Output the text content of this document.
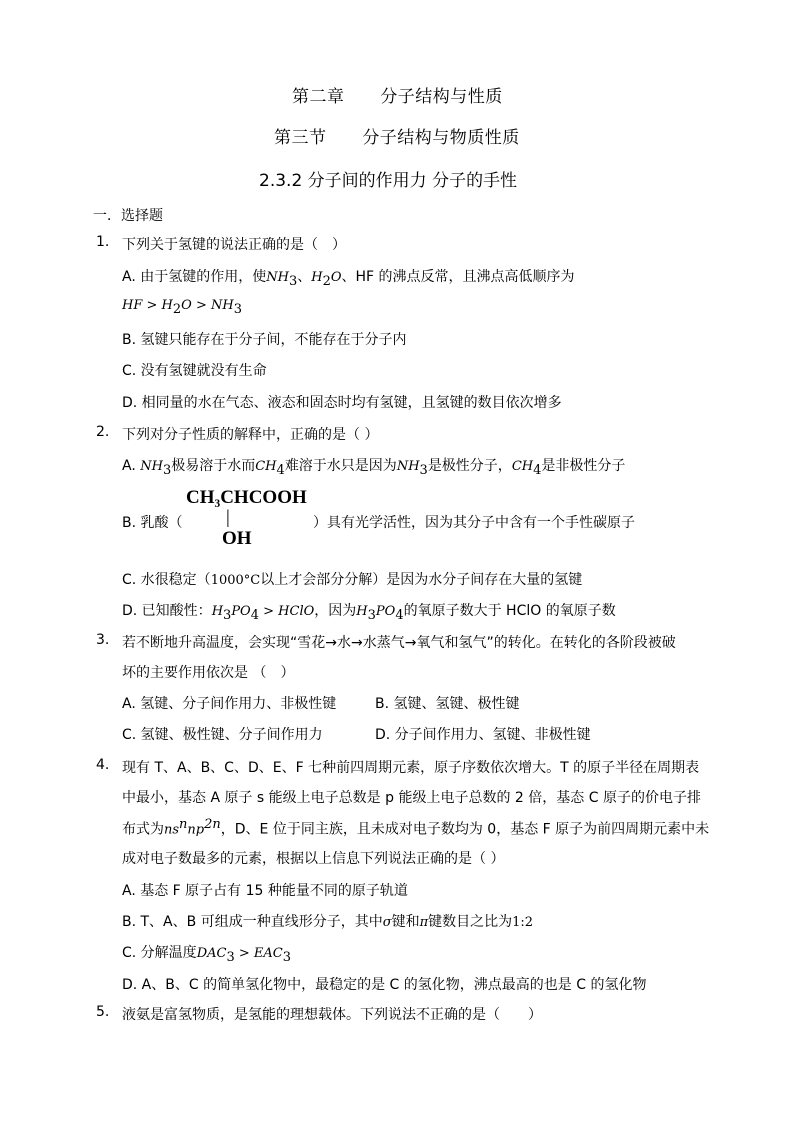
第二章 分子结构与性质
第三节 分子结构与物质性质
2.3.2 分子间的作用力 分子的手性
一．选择题
1. 下列关于氢键的说法正确的是（　）
A. 由于氢键的作用，使$NH_3$、$H_2O$、HF 的沸点反常，且沸点高低顺序为
HF > $H_2O > NH_3$
B. 氢键只能存在于分子间，不能存在于分子内
C. 没有氢键就没有生命
D. 相同量的水在气态、液态和固态时均有氢键，且氢键的数目依次增多
2. 下列对分子性质的解释中，正确的是（ ）
A. $NH_3$极易溶于水而$CH_4$难溶于水只是因为$NH_3$是极性分子，$CH_4$是非极性分子
B. 乳酸（
CH₃CHCOOH
|
OH
）具有光学活性，因为其分子中含有一个手性碳原子
C. 水很稳定（1000°C以上才会部分分解）是因为水分子间存在大量的氢键
D. 已知酸性：$H_3PO_4$ > HClO，因为$H_3PO_4$的氧原子数大于 HClO 的氧原子数
3. 若不断地升高温度，会实现“雪花→水→水蒸气→氧气和氢气”的转化。在转化的各阶段被破
坏的主要作用依次是 （　）
A. 氢键、分子间作用力、非极性键	B. 氢键、氢键、极性键
C. 氢键、极性键、分子间作用力	D. 分子间作用力、氢键、非极性键
4. 现有 T、A、B、C、D、E、F 七种前四周期元素，原子序数依次增大。T 的原子半径在周期表
中最小，基态 A 原子 s 能级上电子总数是 p 能级上电子总数的 2 倍，基态 C 原子的价电子排
布式为$ns^nnp^{2n}$，D、E 位于同主族，且未成对电子数均为 0，基态 F 原子为前四周期元素中未
成对电子数最多的元素，根据以上信息下列说法正确的是（ ）
A. 基态 F 原子占有 15 种能量不同的原子轨道
B. T、A、B 可组成一种直线形分子，其中σ键和π键数目之比为1:2
C. 分解温度$DAC_3 > EAC_3$
D. A、B、C 的简单氢化物中，最稳定的是 C 的氢化物，沸点最高的也是 C 的氢化物
5. 液氨是富氢物质，是氢能的理想载体。下列说法不正确的是（　　）
